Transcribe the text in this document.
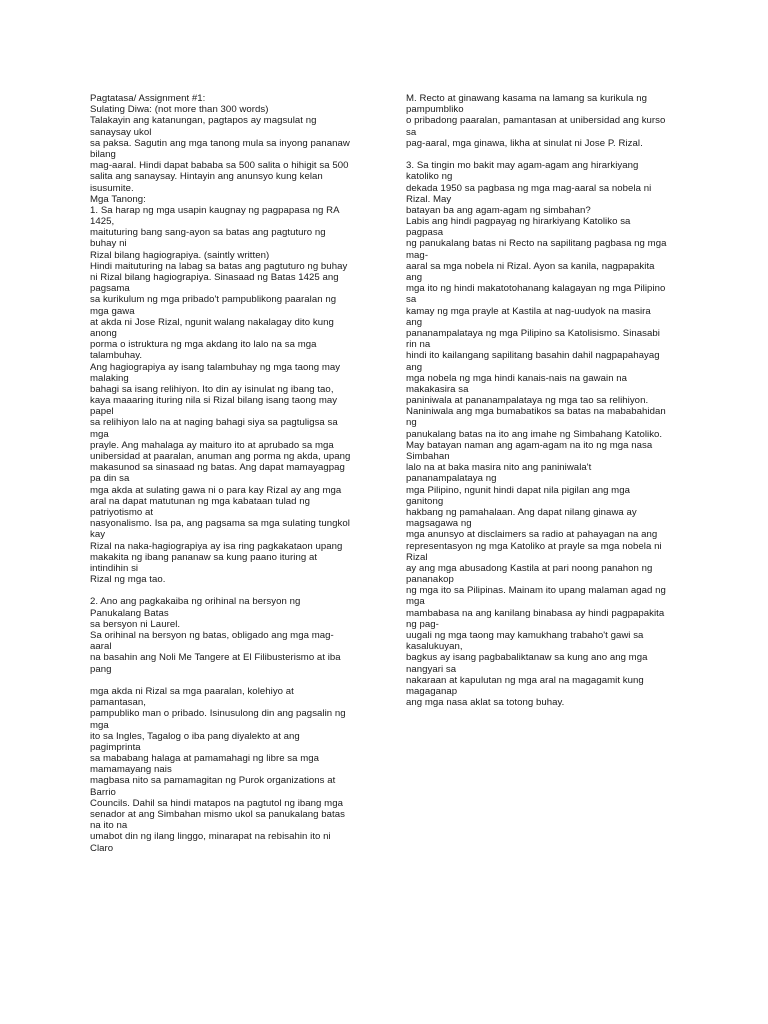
Pagtatasa/ Assignment #1:
Sulating Diwa: (not more than 300 words)
Talakayin ang katanungan, pagtapos ay magsulat ng
sanaysay ukol
sa paksa. Sagutin ang mga tanong mula sa inyong pananaw
bilang
mag-aaral. Hindi dapat bababa sa 500 salita o hihigit sa 500
salita ang sanaysay. Hintayin ang anunsyo kung kelan
isusumite.
Mga Tanong:
1. Sa harap ng mga usapin kaugnay ng pagpapasa ng RA
1425,
maituturing bang sang-ayon sa batas ang pagtuturo ng
buhay ni
Rizal bilang hagiograpiya. (saintly written)
Hindi maituturing na labag sa batas ang pagtuturo ng buhay
ni Rizal bilang hagiograpiya. Sinasaad ng Batas 1425 ang
pagsama
sa kurikulum ng mga pribado't pampublikong paaralan ng
mga gawa
at akda ni Jose Rizal, ngunit walang nakalagay dito kung
anong
porma o istruktura ng mga akdang ito lalo na sa mga
talambuhay.
Ang hagiograpiya ay isang talambuhay ng mga taong may
malaking
bahagi sa isang relihiyon. Ito din ay isinulat ng ibang tao,
kaya maaaring ituring nila si Rizal bilang isang taong may
papel
sa relihiyon lalo na at naging bahagi siya sa pagtuligsa sa
mga
prayle. Ang mahalaga ay maituro ito at aprubado sa mga
unibersidad at paaralan, anuman ang porma ng akda, upang
makasunod sa sinasaad ng batas. Ang dapat mamayagpag
pa din sa
mga akda at sulating gawa ni o para kay Rizal ay ang mga
aral na dapat matutunan ng mga kabataan tulad ng
patriyotismo at
nasyonalismo. Isa pa, ang pagsama sa mga sulating tungkol
kay
Rizal na naka-hagiograpiya ay isa ring pagkakataon upang
makakita ng ibang pananaw sa kung paano ituring at
intindihin si
Rizal ng mga tao.
2. Ano ang pagkakaiba ng orihinal na bersyon ng
Panukalang Batas
sa bersyon ni Laurel.
Sa orihinal na bersyon ng batas, obligado ang mga mag-
aaral
na basahin ang Noli Me Tangere at El Filibusterismo at iba
pang
mga akda ni Rizal sa mga paaralan, kolehiyo at
pamantasan,
pampubliko man o pribado. Isinusulong din ang pagsalin ng
mga
ito sa Ingles, Tagalog o iba pang diyalekto at ang
pagimprinta
sa mababang halaga at pamamahagi ng libre sa mga
mamamayang nais
magbasa nito sa pamamagitan ng Purok organizations at
Barrio
Councils. Dahil sa hindi matapos na pagtutol ng ibang mga
senador at ang Simbahan mismo ukol sa panukalang batas
na ito na
umabot din ng ilang linggo, minarapat na rebisahin ito ni
Claro
M. Recto at ginawang kasama na lamang sa kurikula ng
pampumbliko
o pribadong paaralan, pamantasan at unibersidad ang kurso
sa
pag-aaral, mga ginawa, likha at sinulat ni Jose P. Rizal.
3. Sa tingin mo bakit may agam-agam ang hirarkiyang
katoliko ng
dekada 1950 sa pagbasa ng mga mag-aaral sa nobela ni
Rizal. May
batayan ba ang agam-agam ng simbahan?
Labis ang hindi pagpayag ng hirarkiyang Katoliko sa
pagpasa
ng panukalang batas ni Recto na sapilitang pagbasa ng mga
mag-
aaral sa mga nobela ni Rizal. Ayon sa kanila, nagpapakita
ang
mga ito ng hindi makatotohanang kalagayan ng mga Pilipino
sa
kamay ng mga prayle at Kastila at nag-uudyok na masira
ang
pananampalataya ng mga Pilipino sa Katolisismo. Sinasabi
rin na
hindi ito kailangang sapilitang basahin dahil nagpapahayag
ang
mga nobela ng mga hindi kanais-nais na gawain na
makakasira sa
paniniwala at pananampalataya ng mga tao sa relihiyon.
Naniniwala ang mga bumabatikos sa batas na mababahidan
ng
panukalang batas na ito ang imahe ng Simbahang Katoliko.
May batayan naman ang agam-agam na ito ng mga nasa
Simbahan
lalo na at baka masira nito ang paniniwala't
pananampalataya ng
mga Pilipino, ngunit hindi dapat nila pigilan ang mga
ganitong
hakbang ng pamahalaan. Ang dapat nilang ginawa ay
magsagawa ng
mga anunsyo at disclaimers sa radio at pahayagan na ang
representasyon ng mga Katoliko at prayle sa mga nobela ni
Rizal
ay ang mga abusadong Kastila at pari noong panahon ng
pananakop
ng mga ito sa Pilipinas. Mainam ito upang malaman agad ng
mga
mambabasa na ang kanilang binabasa ay hindi pagpapakita
ng pag-
uugali ng mga taong may kamukhang trabaho't gawi sa
kasalukuyan,
bagkus ay isang pagbabaliktanaw sa kung ano ang mga
nangyari sa
nakaraan at kapulutan ng mga aral na magagamit kung
magaganap
ang mga nasa aklat sa totong buhay.
